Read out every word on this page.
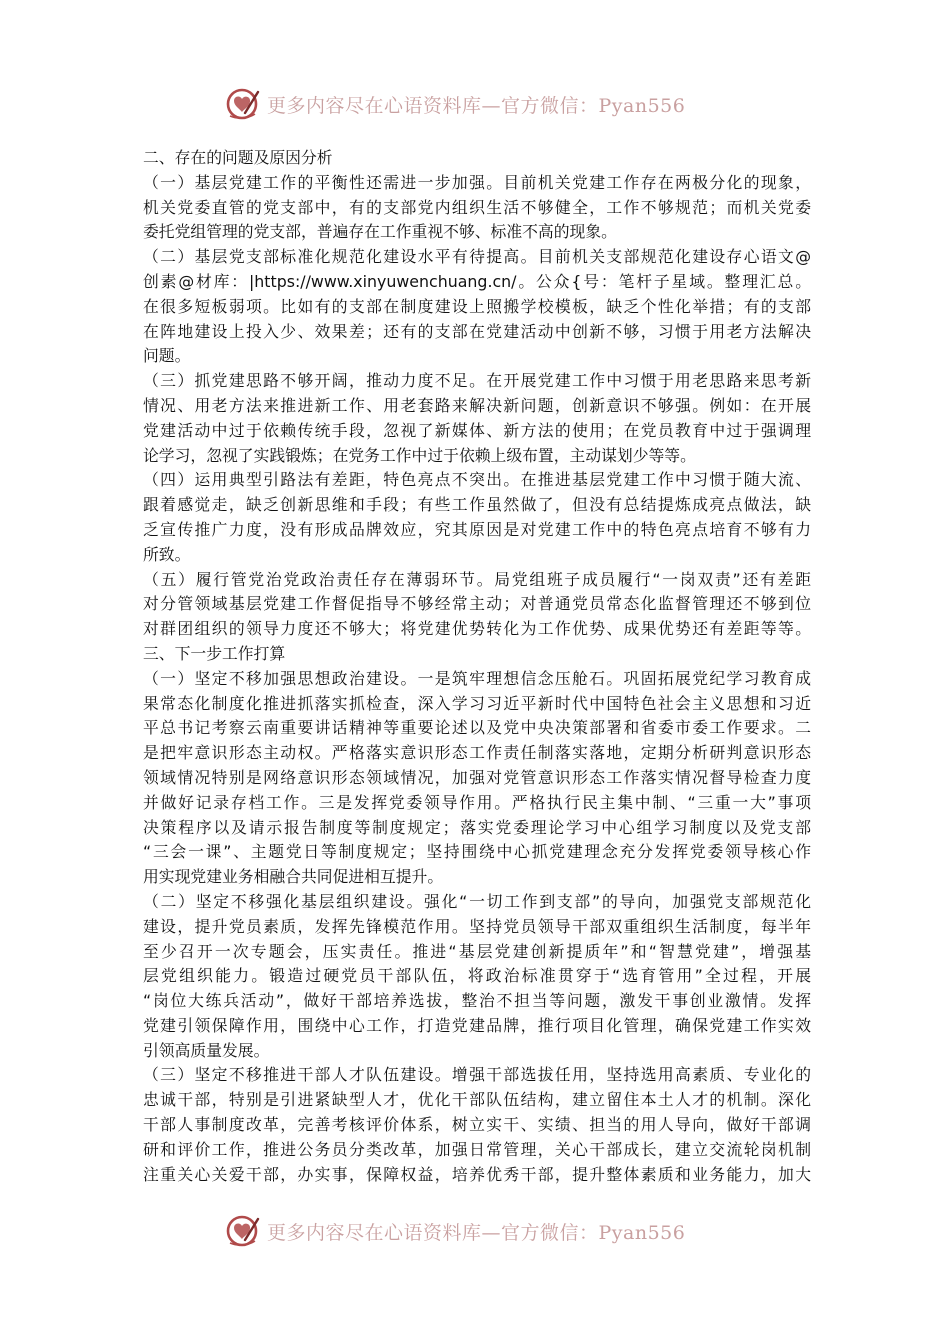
更多内容尽在心语资料库—官方微信：Pyan556
二、存在的问题及原因分析
（一）基层党建工作的平衡性还需进一步加强。目前机关党建工作存在两极分化的现象，
机关党委直管的党支部中，有的支部党内组织生活不够健全，工作不够规范；而机关党委
委托党组管理的党支部，普遍存在工作重视不够、标准不高的现象。
（二）基层党支部标准化规范化建设水平有待提高。目前机关支部规范化建设存心语文@
创素@材库：|https://www.xinyuwenchuang.cn/。公众{号：笔杆子星域。整理汇总。
在很多短板弱项。比如有的支部在制度建设上照搬学校模板，缺乏个性化举措；有的支部
在阵地建设上投入少、效果差；还有的支部在党建活动中创新不够，习惯于用老方法解决
问题。
（三）抓党建思路不够开阔，推动力度不足。在开展党建工作中习惯于用老思路来思考新
情况、用老方法来推进新工作、用老套路来解决新问题，创新意识不够强。例如：在开展
党建活动中过于依赖传统手段，忽视了新媒体、新方法的使用；在党员教育中过于强调理
论学习，忽视了实践锻炼；在党务工作中过于依赖上级布置，主动谋划少等等。
（四）运用典型引路法有差距，特色亮点不突出。在推进基层党建工作中习惯于随大流、
跟着感觉走，缺乏创新思维和手段；有些工作虽然做了，但没有总结提炼成亮点做法，缺
乏宣传推广力度，没有形成品牌效应，究其原因是对党建工作中的特色亮点培育不够有力
所致。
（五）履行管党治党政治责任存在薄弱环节。局党组班子成员履行“一岗双责”还有差距
对分管领域基层党建工作督促指导不够经常主动；对普通党员常态化监督管理还不够到位
对群团组织的领导力度还不够大；将党建优势转化为工作优势、成果优势还有差距等等。
三、下一步工作打算
（一）坚定不移加强思想政治建设。一是筑牢理想信念压舱石。巩固拓展党纪学习教育成
果常态化制度化推进抓落实抓检查，深入学习习近平新时代中国特色社会主义思想和习近
平总书记考察云南重要讲话精神等重要论述以及党中央决策部署和省委市委工作要求。二
是把牢意识形态主动权。严格落实意识形态工作责任制落实落地，定期分析研判意识形态
领域情况特别是网络意识形态领域情况，加强对党管意识形态工作落实情况督导检查力度
并做好记录存档工作。三是发挥党委领导作用。严格执行民主集中制、“三重一大”事项
决策程序以及请示报告制度等制度规定；落实党委理论学习中心组学习制度以及党支部
“三会一课”、主题党日等制度规定；坚持围绕中心抓党建理念充分发挥党委领导核心作
用实现党建业务相融合共同促进相互提升。
（二）坚定不移强化基层组织建设。强化“一切工作到支部”的导向，加强党支部规范化
建设，提升党员素质，发挥先锋模范作用。坚持党员领导干部双重组织生活制度，每半年
至少召开一次专题会，压实责任。推进“基层党建创新提质年”和“智慧党建”，增强基
层党组织能力。锻造过硬党员干部队伍，将政治标准贯穿于“选育管用”全过程，开展
“岗位大练兵活动”，做好干部培养选拔，整治不担当等问题，激发干事创业激情。发挥
党建引领保障作用，围绕中心工作，打造党建品牌，推行项目化管理，确保党建工作实效
引领高质量发展。
（三）坚定不移推进干部人才队伍建设。增强干部选拔任用，坚持选用高素质、专业化的
忠诚干部，特别是引进紧缺型人才，优化干部队伍结构，建立留住本土人才的机制。深化
干部人事制度改革，完善考核评价体系，树立实干、实绩、担当的用人导向，做好干部调
研和评价工作，推进公务员分类改革，加强日常管理，关心干部成长，建立交流轮岗机制
注重关心关爱干部，办实事，保障权益，培养优秀干部，提升整体素质和业务能力，加大
更多内容尽在心语资料库—官方微信：Pyan556
